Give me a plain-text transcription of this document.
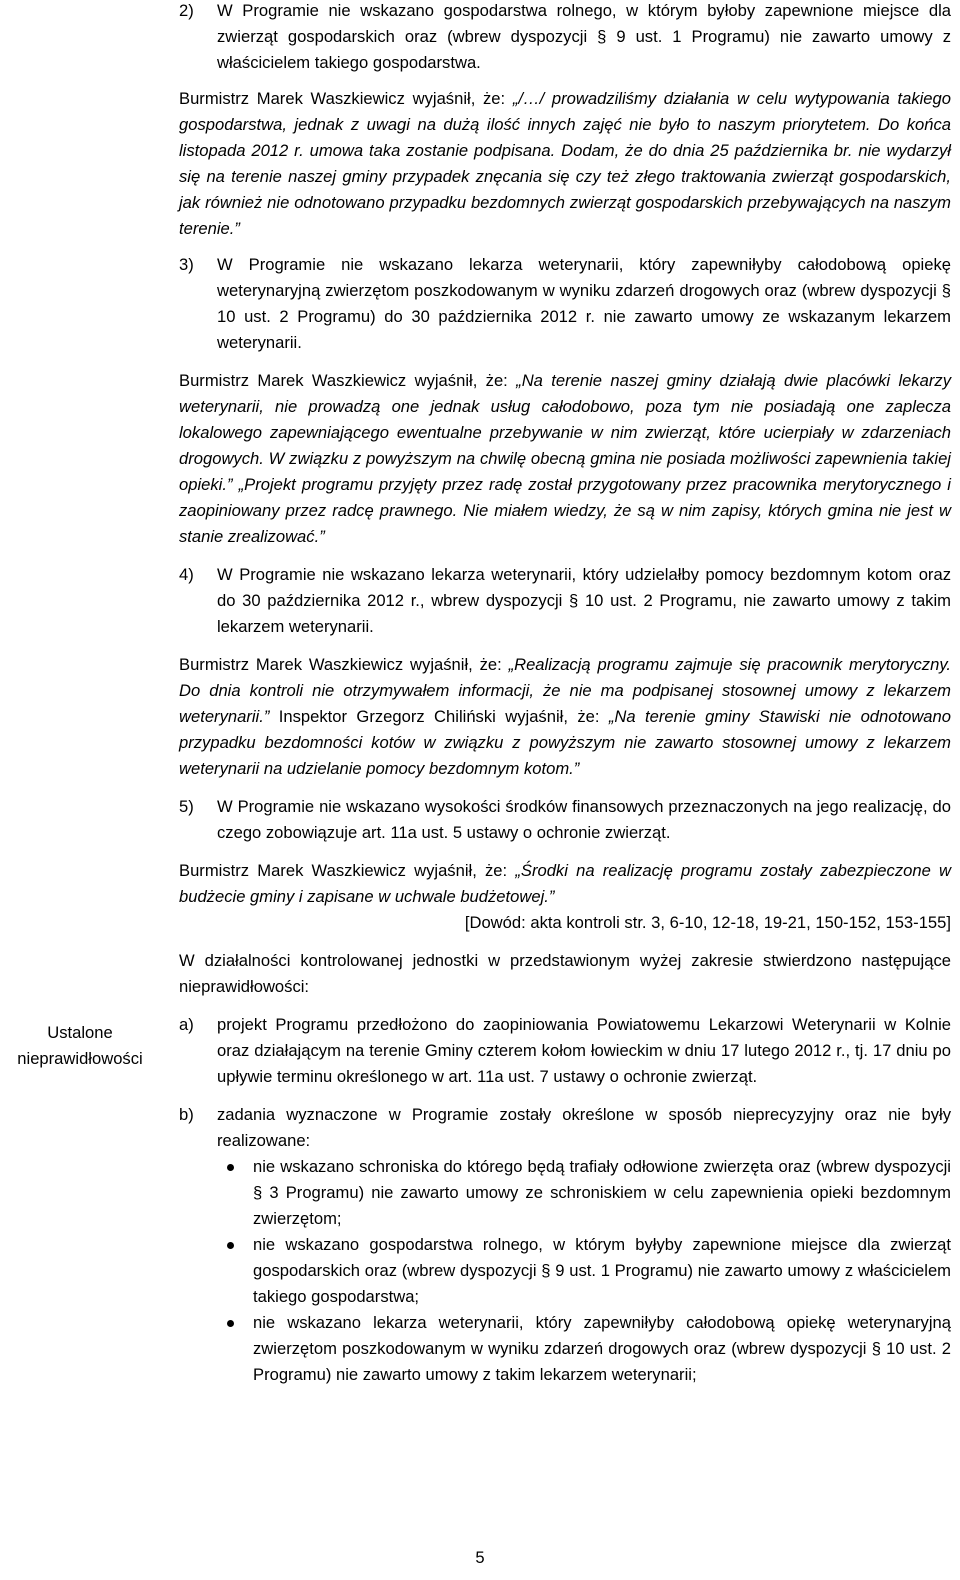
Ustalone
nieprawidłowości
2)	W Programie nie wskazano gospodarstwa rolnego, w którym byłoby zapewnione miejsce dla zwierząt gospodarskich oraz (wbrew dyspozycji § 9 ust. 1 Programu) nie zawarto umowy z właścicielem takiego gospodarstwa.

Burmistrz Marek Waszkiewicz wyjaśnił, że: „/…/ prowadziliśmy działania w celu wytypowania takiego gospodarstwa, jednak z uwagi na dużą ilość innych zajęć nie było to naszym priorytetem. Do końca listopada 2012 r. umowa taka zostanie podpisana. Dodam, że do dnia 25 października br. nie wydarzył się na terenie naszej gminy przypadek znęcania się czy też złego traktowania zwierząt gospodarskich, jak również nie odnotowano przypadku bezdomnych zwierząt gospodarskich przebywających na naszym terenie.”

3)	W Programie nie wskazano lekarza weterynarii, który zapewniłyby całodobową opiekę weterynaryjną zwierzętom poszkodowanym w wyniku zdarzeń drogowych oraz (wbrew dyspozycji § 10 ust. 2 Programu) do 30 października 2012 r. nie zawarto umowy ze wskazanym lekarzem weterynarii.

Burmistrz Marek Waszkiewicz wyjaśnił, że: „Na terenie naszej gminy działają dwie placówki lekarzy weterynarii, nie prowadzą one jednak usług całodobowo, poza tym nie posiadają one zaplecza lokalowego zapewniającego ewentualne przebywanie w nim zwierząt, które ucierpiały w zdarzeniach drogowych. W związku z powyższym na chwilę obecną gmina nie posiada możliwości zapewnienia takiej opieki.” „Projekt programu przyjęty przez radę został przygotowany przez pracownika merytorycznego i zaopiniowany przez radcę prawnego. Nie miałem wiedzy, że są w nim zapisy, których gmina nie jest w stanie zrealizować.”

4)	W Programie nie wskazano lekarza weterynarii, który udzielałby pomocy bezdomnym kotom oraz do 30 października 2012 r., wbrew dyspozycji § 10 ust. 2 Programu, nie zawarto umowy z takim lekarzem weterynarii.

Burmistrz Marek Waszkiewicz wyjaśnił, że: „Realizacją programu zajmuje się pracownik merytoryczny. Do dnia kontroli nie otrzymywałem informacji, że nie ma podpisanej stosownej umowy z lekarzem weterynarii.” Inspektor Grzegorz Chiliński wyjaśnił, że: „Na terenie gminy Stawiski nie odnotowano przypadku bezdomności kotów w związku z powyższym nie zawarto stosownej umowy z lekarzem weterynarii na udzielanie pomocy bezdomnym kotom.”

5)	W Programie nie wskazano wysokości środków finansowych przeznaczonych na jego realizację, do czego zobowiązuje art. 11a ust. 5 ustawy o ochronie zwierząt.

Burmistrz Marek Waszkiewicz wyjaśnił, że: „Środki na realizację programu zostały zabezpieczone w budżecie gminy i zapisane w uchwale budżetowej.”

[Dowód: akta kontroli str. 3, 6-10, 12-18, 19-21, 150-152, 153-155]

W działalności kontrolowanej jednostki w przedstawionym wyżej zakresie stwierdzono następujące nieprawidłowości:

a)	projekt Programu przedłożono do zaopiniowania Powiatowemu Lekarzowi Weterynarii w Kolnie oraz działającym na terenie Gminy czterem kołom łowieckim w dniu 17 lutego 2012 r., tj. 17 dniu po upływie terminu określonego w art. 11a ust. 7 ustawy o ochronie zwierząt.
b)	zadania wyznaczone w Programie zostały określone w sposób nieprecyzyjny oraz nie były realizowane:
nie wskazano schroniska do którego będą trafiały odłowione zwierzęta oraz (wbrew dyspozycji § 3 Programu) nie zawarto umowy ze schroniskiem w celu zapewnienia opieki bezdomnym zwierzętom;
nie wskazano gospodarstwa rolnego, w którym byłyby zapewnione miejsce dla zwierząt gospodarskich oraz (wbrew dyspozycji § 9 ust. 1 Programu) nie zawarto umowy z właścicielem takiego gospodarstwa;
nie wskazano lekarza weterynarii, który zapewniłyby całodobową opiekę weterynaryjną zwierzętom poszkodowanym w wyniku zdarzeń drogowych oraz (wbrew dyspozycji § 10 ust. 2 Programu) nie zawarto umowy z takim lekarzem weterynarii;
5
